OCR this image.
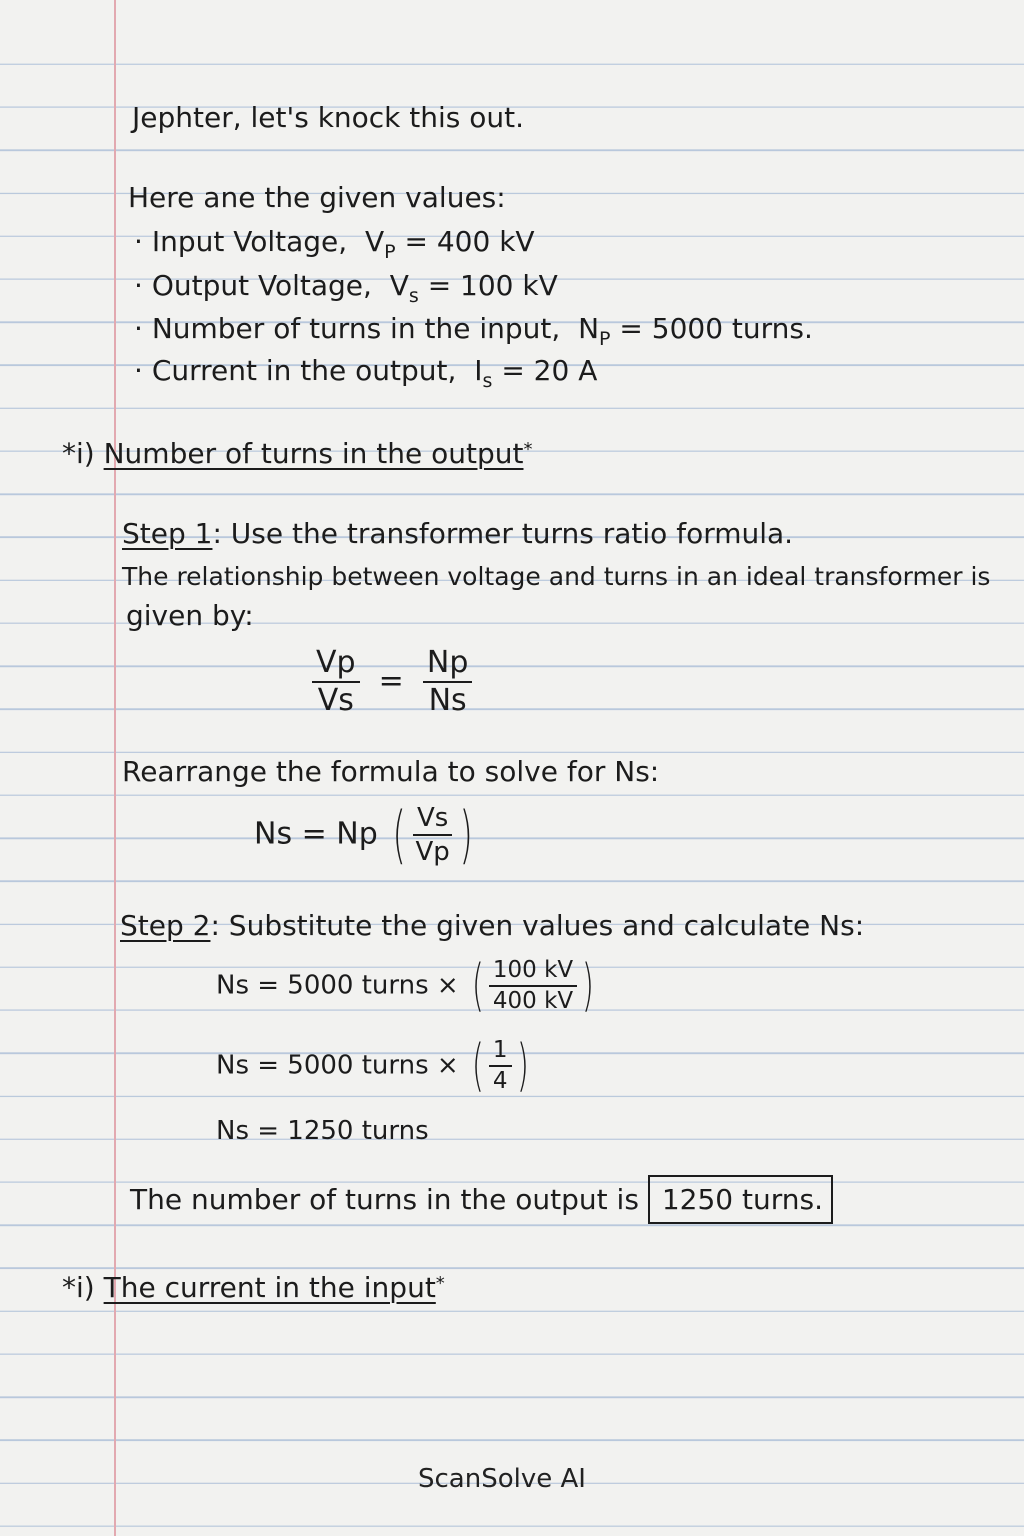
Jephter, let's knock this out.
Here ane the given values:
· Input Voltage, $V_P = 400$ kV
· Output Voltage, $V_s = 100$ kV
· Number of turns in the input, $N_P = 5000$ turns.
· Current in the output, $I_s = 20$ A
*i) Number of turns in the output*
Step 1: Use the transformer turns ratio formula.
The relationship between voltage and turns in an ideal transformer is
given by:
$\frac{Vp}{Vs} = \frac{Np}{Ns}$
Rearrange the formula to solve for Ns:
Ns = Np ( $\frac{Vs}{Vp}$ )
Step 2: Substitute the given values and calculate Ns:
Ns = 5000 turns × ( $\frac{100 kV}{400 kV}$ )
Ns = 5000 turns × ( $\frac{1}{4}$ )
Ns = 1250 turns
The number of turns in the output is 1250 turns.
*i) The current in the input*
ScanSolve AI
